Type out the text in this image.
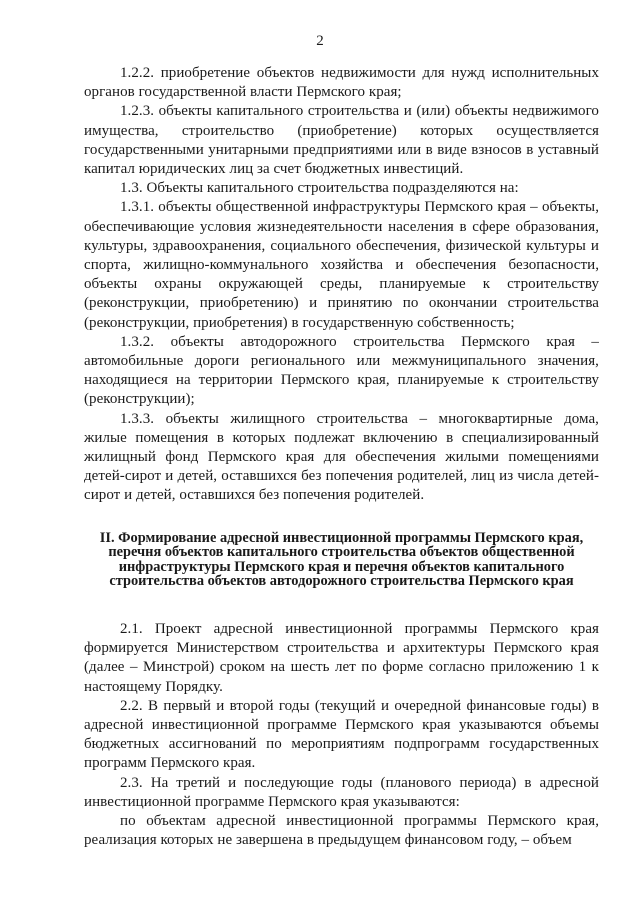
2

1.2.2. приобретение объектов недвижимости для нужд исполнительных органов государственной власти Пермского края;

1.2.3. объекты капитального строительства и (или) объекты недвижимого имущества, строительство (приобретение) которых осуществляется государственными унитарными предприятиями или в виде взносов в уставный капитал юридических лиц за счет бюджетных инвестиций.

1.3. Объекты капитального строительства подразделяются на:

1.3.1. объекты общественной инфраструктуры Пермского края – объекты, обеспечивающие условия жизнедеятельности населения в сфере образования, культуры, здравоохранения, социального обеспечения, физической культуры и спорта, жилищно-коммунального хозяйства и обеспечения безопасности, объекты охраны окружающей среды, планируемые к строительству (реконструкции, приобретению) и принятию по окончании строительства (реконструкции, приобретения) в государственную собственность;

1.3.2. объекты автодорожного строительства Пермского края – автомобильные дороги регионального или межмуниципального значения, находящиеся на территории Пермского края, планируемые к строительству (реконструкции);

1.3.3. объекты жилищного строительства – многоквартирные дома, жилые помещения в которых подлежат включению в специализированный жилищный фонд Пермского края для обеспечения жилыми помещениями детей-сирот и детей, оставшихся без попечения родителей, лиц из числа детей-сирот и детей, оставшихся без попечения родителей.

II. Формирование адресной инвестиционной программы Пермского края,
перечня объектов капитального строительства объектов общественной
инфраструктуры Пермского края и перечня объектов капитального
строительства объектов автодорожного строительства Пермского края

2.1. Проект адресной инвестиционной программы Пермского края формируется Министерством строительства и архитектуры Пермского края (далее – Минстрой) сроком на шесть лет по форме согласно приложению 1 к настоящему Порядку.

2.2. В первый и второй годы (текущий и очередной финансовые годы) в адресной инвестиционной программе Пермского края указываются объемы бюджетных ассигнований по мероприятиям подпрограмм государственных программ Пермского края.

2.3. На третий и последующие годы (планового периода) в адресной инвестиционной программе Пермского края указываются:

по объектам адресной инвестиционной программы Пермского края, реализация которых не завершена в предыдущем финансовом году, – объем
